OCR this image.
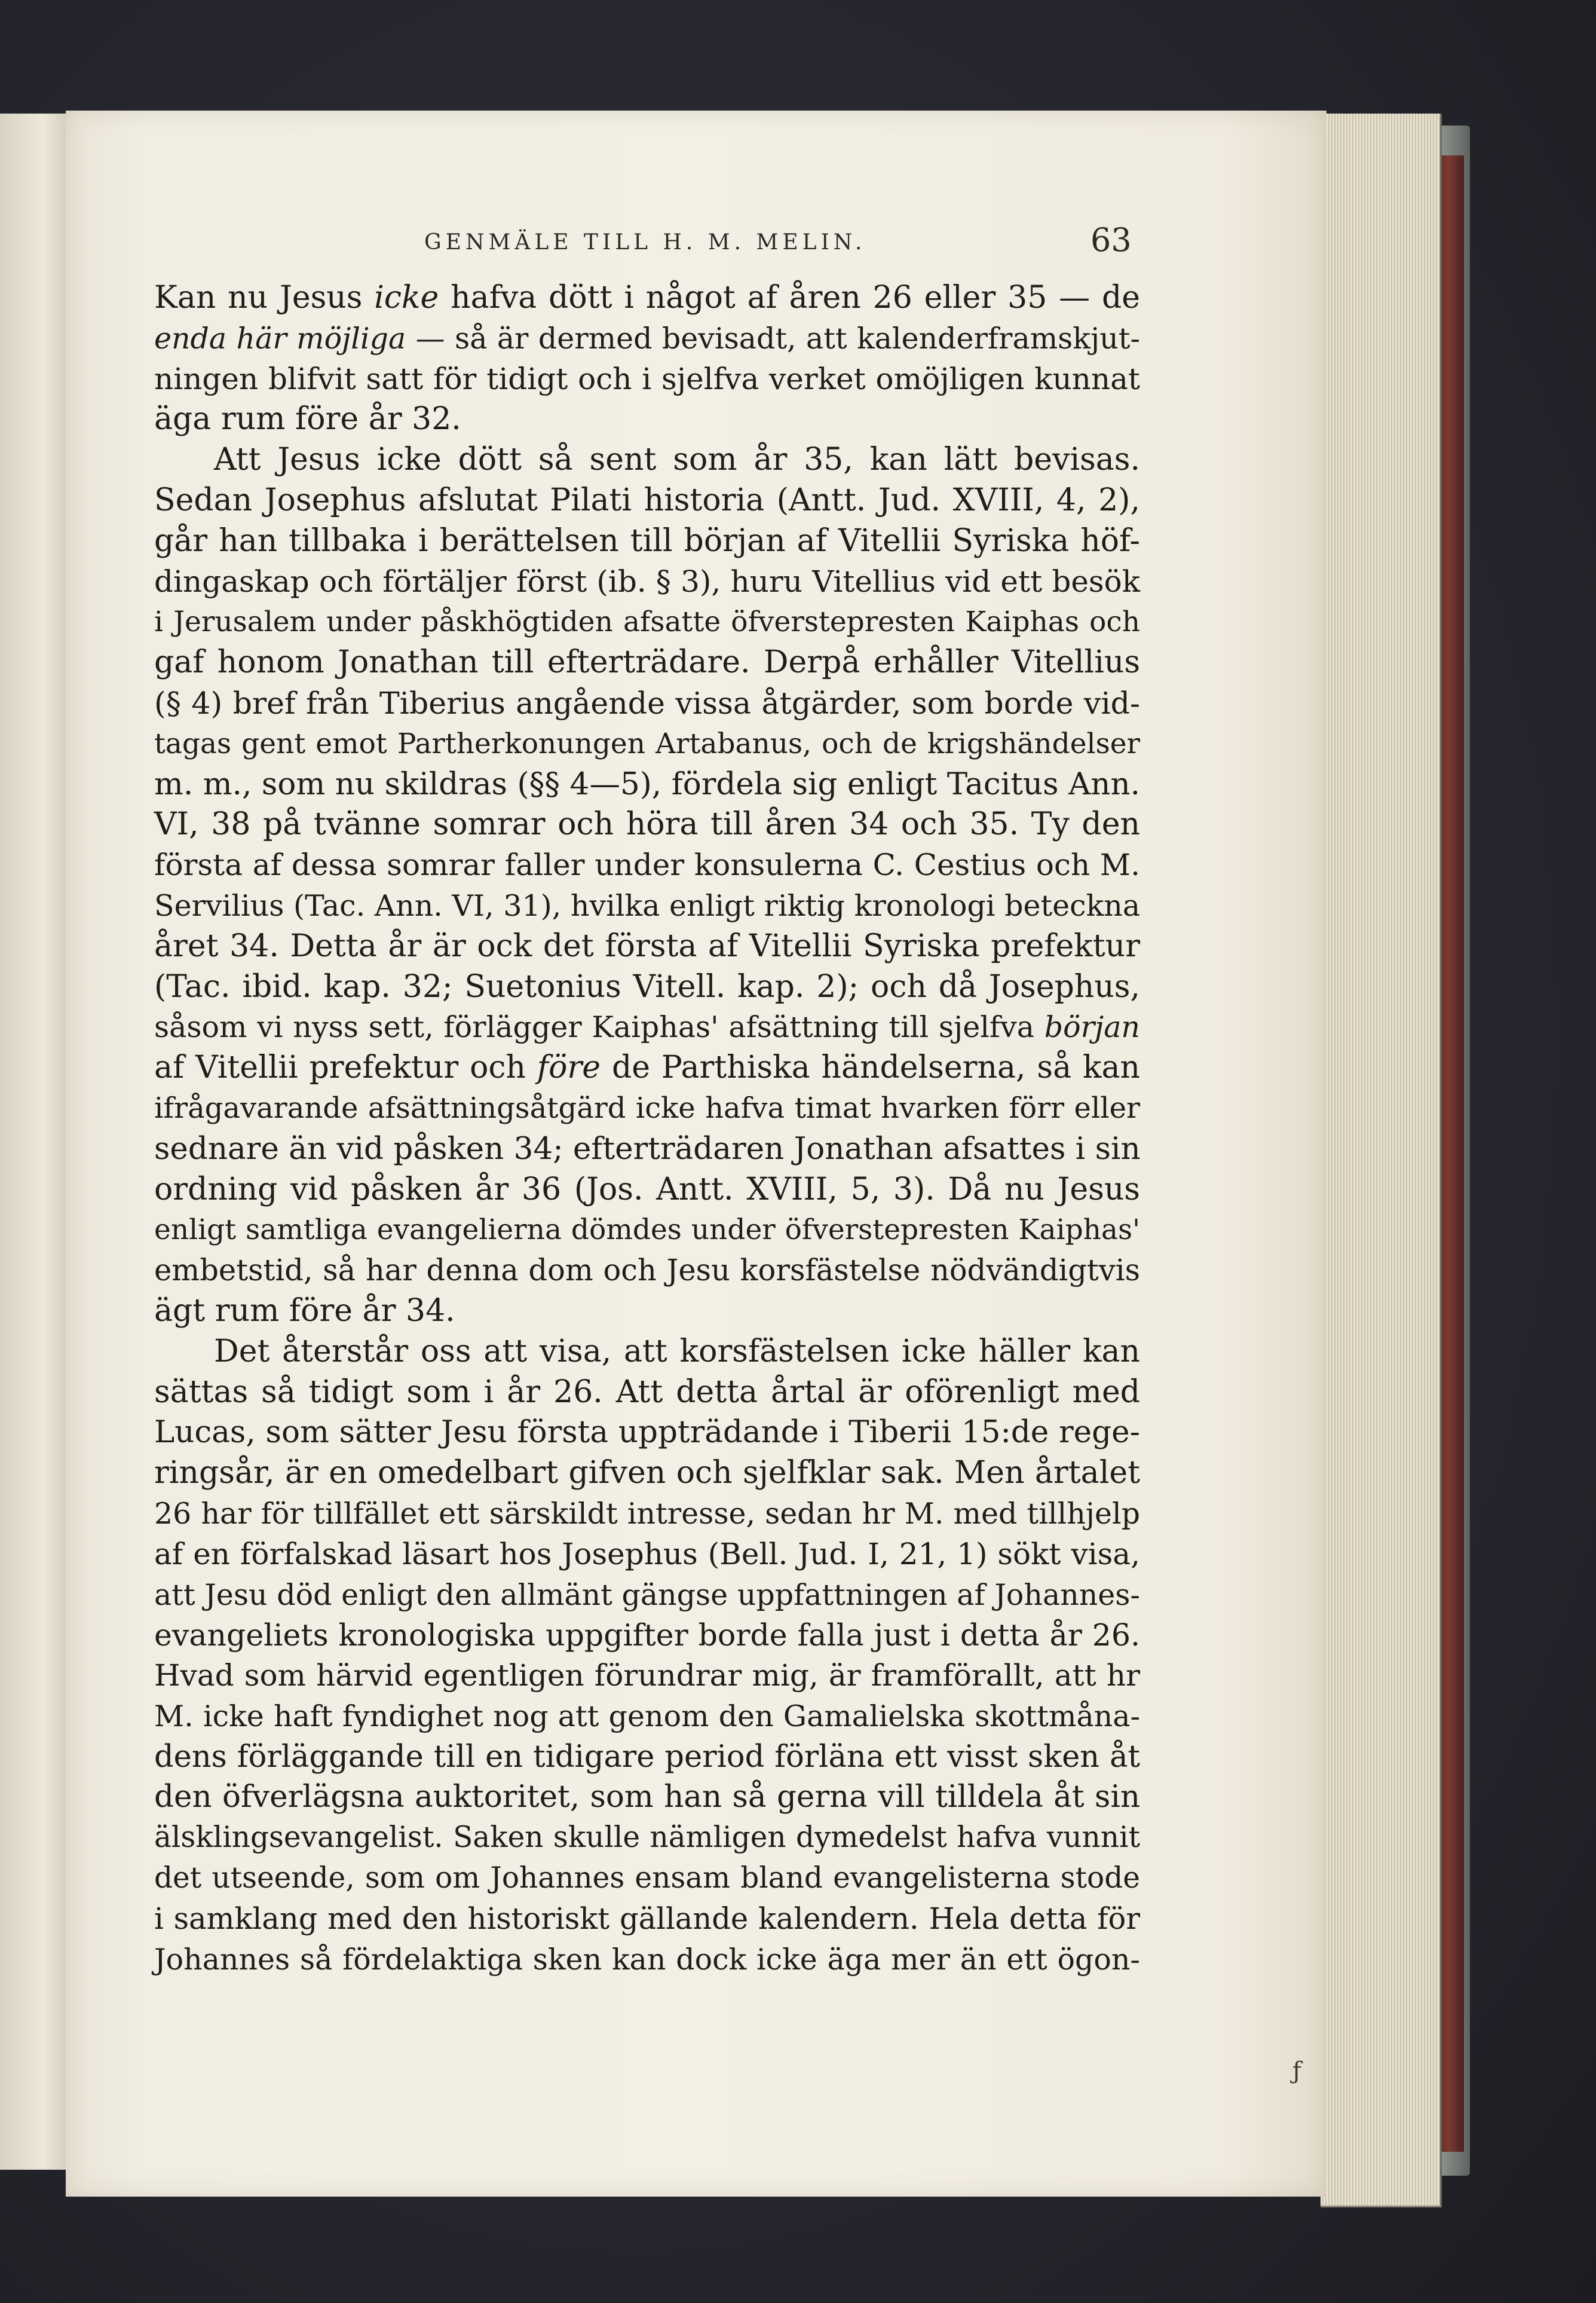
GENMÄLE TILL H. M. MELIN.	63
Kan nu Jesus icke hafva dött i något af åren 26 eller 35 — de
enda här möjliga — så är dermed bevisadt, att kalenderframskjut-
ningen blifvit satt för tidigt och i sjelfva verket omöjligen kunnat
äga rum före år 32.
Att Jesus icke dött så sent som år 35, kan lätt bevisas.
Sedan Josephus afslutat Pilati historia (Antt. Jud. XVIII, 4, 2),
går han tillbaka i berättelsen till början af Vitellii Syriska höf-
dingaskap och förtäljer först (ib. § 3), huru Vitellius vid ett besök
i Jerusalem under påskhögtiden afsatte öfverstepresten Kaiphas och
gaf honom Jonathan till efterträdare. Derpå erhåller Vitellius
(§ 4) bref från Tiberius angående vissa åtgärder, som borde vid-
tagas gent emot Partherkonungen Artabanus, och de krigshändelser
m. m., som nu skildras (§§ 4—5), fördela sig enligt Tacitus Ann.
VI, 38 på tvänne somrar och höra till åren 34 och 35. Ty den
första af dessa somrar faller under konsulerna C. Cestius och M.
Servilius (Tac. Ann. VI, 31), hvilka enligt riktig kronologi beteckna
året 34. Detta år är ock det första af Vitellii Syriska prefektur
(Tac. ibid. kap. 32; Suetonius Vitell. kap. 2); och då Josephus,
såsom vi nyss sett, förlägger Kaiphas' afsättning till sjelfva början
af Vitellii prefektur och före de Parthiska händelserna, så kan
ifrågavarande afsättningsåtgärd icke hafva timat hvarken förr eller
sednare än vid påsken 34; efterträdaren Jonathan afsattes i sin
ordning vid påsken år 36 (Jos. Antt. XVIII, 5, 3). Då nu Jesus
enligt samtliga evangelierna dömdes under öfverstepresten Kaiphas'
embetstid, så har denna dom och Jesu korsfästelse nödvändigtvis
ägt rum före år 34.
Det återstår oss att visa, att korsfästelsen icke häller kan
sättas så tidigt som i år 26. Att detta årtal är oförenligt med
Lucas, som sätter Jesu första uppträdande i Tiberii 15:de rege-
ringsår, är en omedelbart gifven och sjelfklar sak. Men årtalet
26 har för tillfället ett särskildt intresse, sedan hr M. med tillhjelp
af en förfalskad läsart hos Josephus (Bell. Jud. I, 21, 1) sökt visa,
att Jesu död enligt den allmänt gängse uppfattningen af Johannes-
evangeliets kronologiska uppgifter borde falla just i detta år 26.
Hvad som härvid egentligen förundrar mig, är framförallt, att hr
M. icke haft fyndighet nog att genom den Gamalielska skottmåna-
dens förläggande till en tidigare period förläna ett visst sken åt
den öfverlägsna auktoritet, som han så gerna vill tilldela åt sin
älsklingsevangelist. Saken skulle nämligen dymedelst hafva vunnit
det utseende, som om Johannes ensam bland evangelisterna stode
i samklang med den historiskt gällande kalendern. Hela detta för
Johannes så fördelaktiga sken kan dock icke äga mer än ett ögon-
ƒ
